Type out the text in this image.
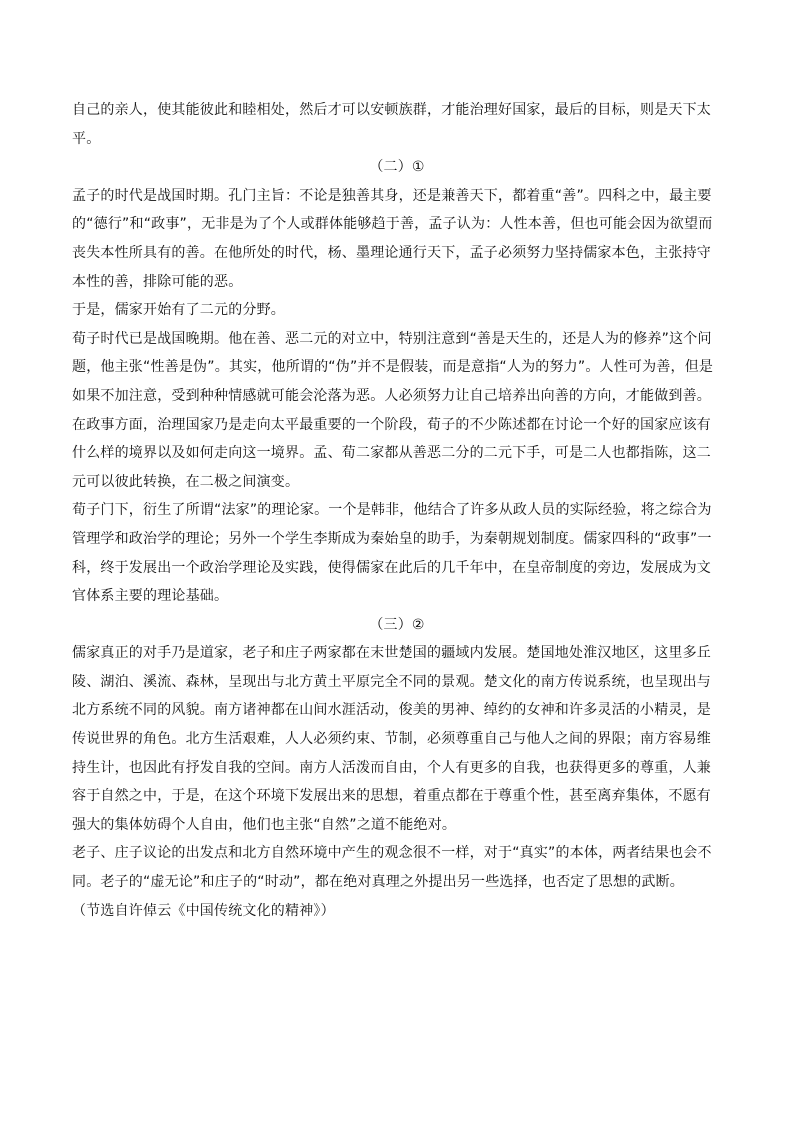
自己的亲人，使其能彼此和睦相处，然后才可以安顿族群，才能治理好国家，最后的目标，则是天下太平。

（二）①

孟子的时代是战国时期。孔门主旨：不论是独善其身，还是兼善天下，都着重“善”。四科之中，最主要的“德行”和“政事”，无非是为了个人或群体能够趋于善，孟子认为：人性本善，但也可能会因为欲望而丧失本性所具有的善。在他所处的时代，杨、墨理论通行天下，孟子必须努力坚持儒家本色，主张持守本性的善，排除可能的恶。

于是，儒家开始有了二元的分野。

荀子时代已是战国晚期。他在善、恶二元的对立中，特别注意到“善是天生的，还是人为的修养”这个问题，他主张“性善是伪”。其实，他所谓的“伪”并不是假装，而是意指“人为的努力”。人性可为善，但是如果不加注意，受到种种情感就可能会沦落为恶。人必须努力让自己培养出向善的方向，才能做到善。

在政事方面，治理国家乃是走向太平最重要的一个阶段，荀子的不少陈述都在讨论一个好的国家应该有什么样的境界以及如何走向这一境界。孟、荀二家都从善恶二分的二元下手，可是二人也都指陈，这二元可以彼此转换，在二极之间演变。

荀子门下，衍生了所谓“法家”的理论家。一个是韩非，他结合了许多从政人员的实际经验，将之综合为管理学和政治学的理论；另外一个学生李斯成为秦始皇的助手，为秦朝规划制度。儒家四科的“政事”一科，终于发展出一个政治学理论及实践，使得儒家在此后的几千年中，在皇帝制度的旁边，发展成为文官体系主要的理论基础。

（三）②

儒家真正的对手乃是道家，老子和庄子两家都在末世楚国的疆域内发展。楚国地处淮汉地区，这里多丘陵、湖泊、溪流、森林，呈现出与北方黄土平原完全不同的景观。楚文化的南方传说系统，也呈现出与北方系统不同的风貌。南方诸神都在山间水涯活动，俊美的男神、绰约的女神和许多灵活的小精灵，是传说世界的角色。北方生活艰难，人人必须约束、节制，必须尊重自己与他人之间的界限；南方容易维持生计，也因此有抒发自我的空间。南方人活泼而自由，个人有更多的自我，也获得更多的尊重，人兼容于自然之中，于是，在这个环境下发展出来的思想，着重点都在于尊重个性，甚至离弃集体，不愿有强大的集体妨碍个人自由，他们也主张“自然”之道不能绝对。

老子、庄子议论的出发点和北方自然环境中产生的观念很不一样，对于“真实”的本体，两者结果也会不同。老子的“虚无论”和庄子的“时动”，都在绝对真理之外提出另一些选择，也否定了思想的武断。

（节选自许倬云《中国传统文化的精神》）
